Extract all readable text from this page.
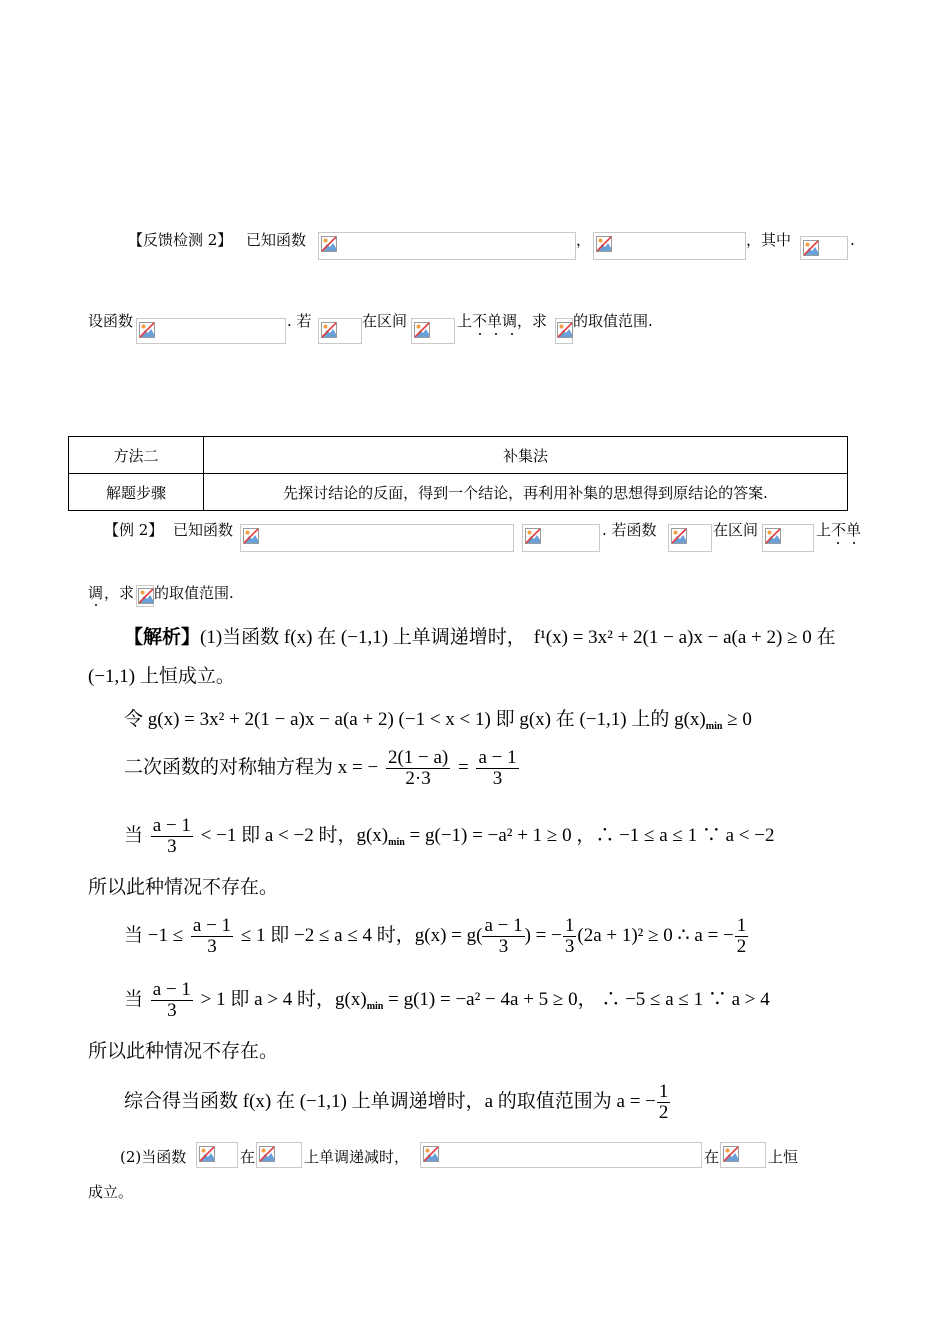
【反馈检测 2】 已知函数	，	，其中	.
设函数	. 若	在区间	上不单调 ，求 的取值范围.
方法二	补集法
解题步骤	先探讨结论的反面，得到一个结论，再利用补集的思想得到原结论的答案.
【例 2】 已知函数	. 若函数	在区间	上不单
调 ，求 的取值范围.
【解析】(1)当函数 f(x) 在 (−1,1) 上单调递增时， f¹(x) = 3x² + 2(1 − a)x − a(a + 2) ≥ 0 在
(−1,1) 上恒成立。
令 g(x) = 3x² + 2(1 − a)x − a(a + 2) (−1 < x < 1) 即 g(x) 在 (−1,1) 上的 $g(x)_{min} \ge 0$
二次函数的对称轴方程为 x = − $\frac{2(1 - a)}{2\cdot 3} = \frac{a - 1}{3}$
当 $\frac{a - 1}{3} < -1$ 即 a < −2 时，$g(x)_{min} = g(-1) = -a^2 + 1 \ge 0$ ，∴ −1 ≤ a ≤ 1 ∵ a < −2
所以此种情况不存在。
当 $-1 \le \frac{a - 1}{3} \le 1$ 即 −2 ≤ a ≤ 4 时，$g(x) = g( \frac{a - 1}{3}$ ) = − $\frac{1}{3} (2a + 1)^2 \ge 0$ ∴ a = − $\frac{1}{2}$
当 $\frac{a - 1}{3} > 1$ 即 a > 4 时，$g(x)_{min} = g(1) = -a^2 - 4a + 5 \ge 0$， ∴ −5 ≤ a ≤ 1 ∵ a > 4
所以此种情况不存在。
综合得当函数 f(x) 在 (−1,1) 上单调递增时，a 的取值范围为 a = − $\frac{1}{2}$
(2)当函数	在	上单调递减时，	在	上恒
成立。
